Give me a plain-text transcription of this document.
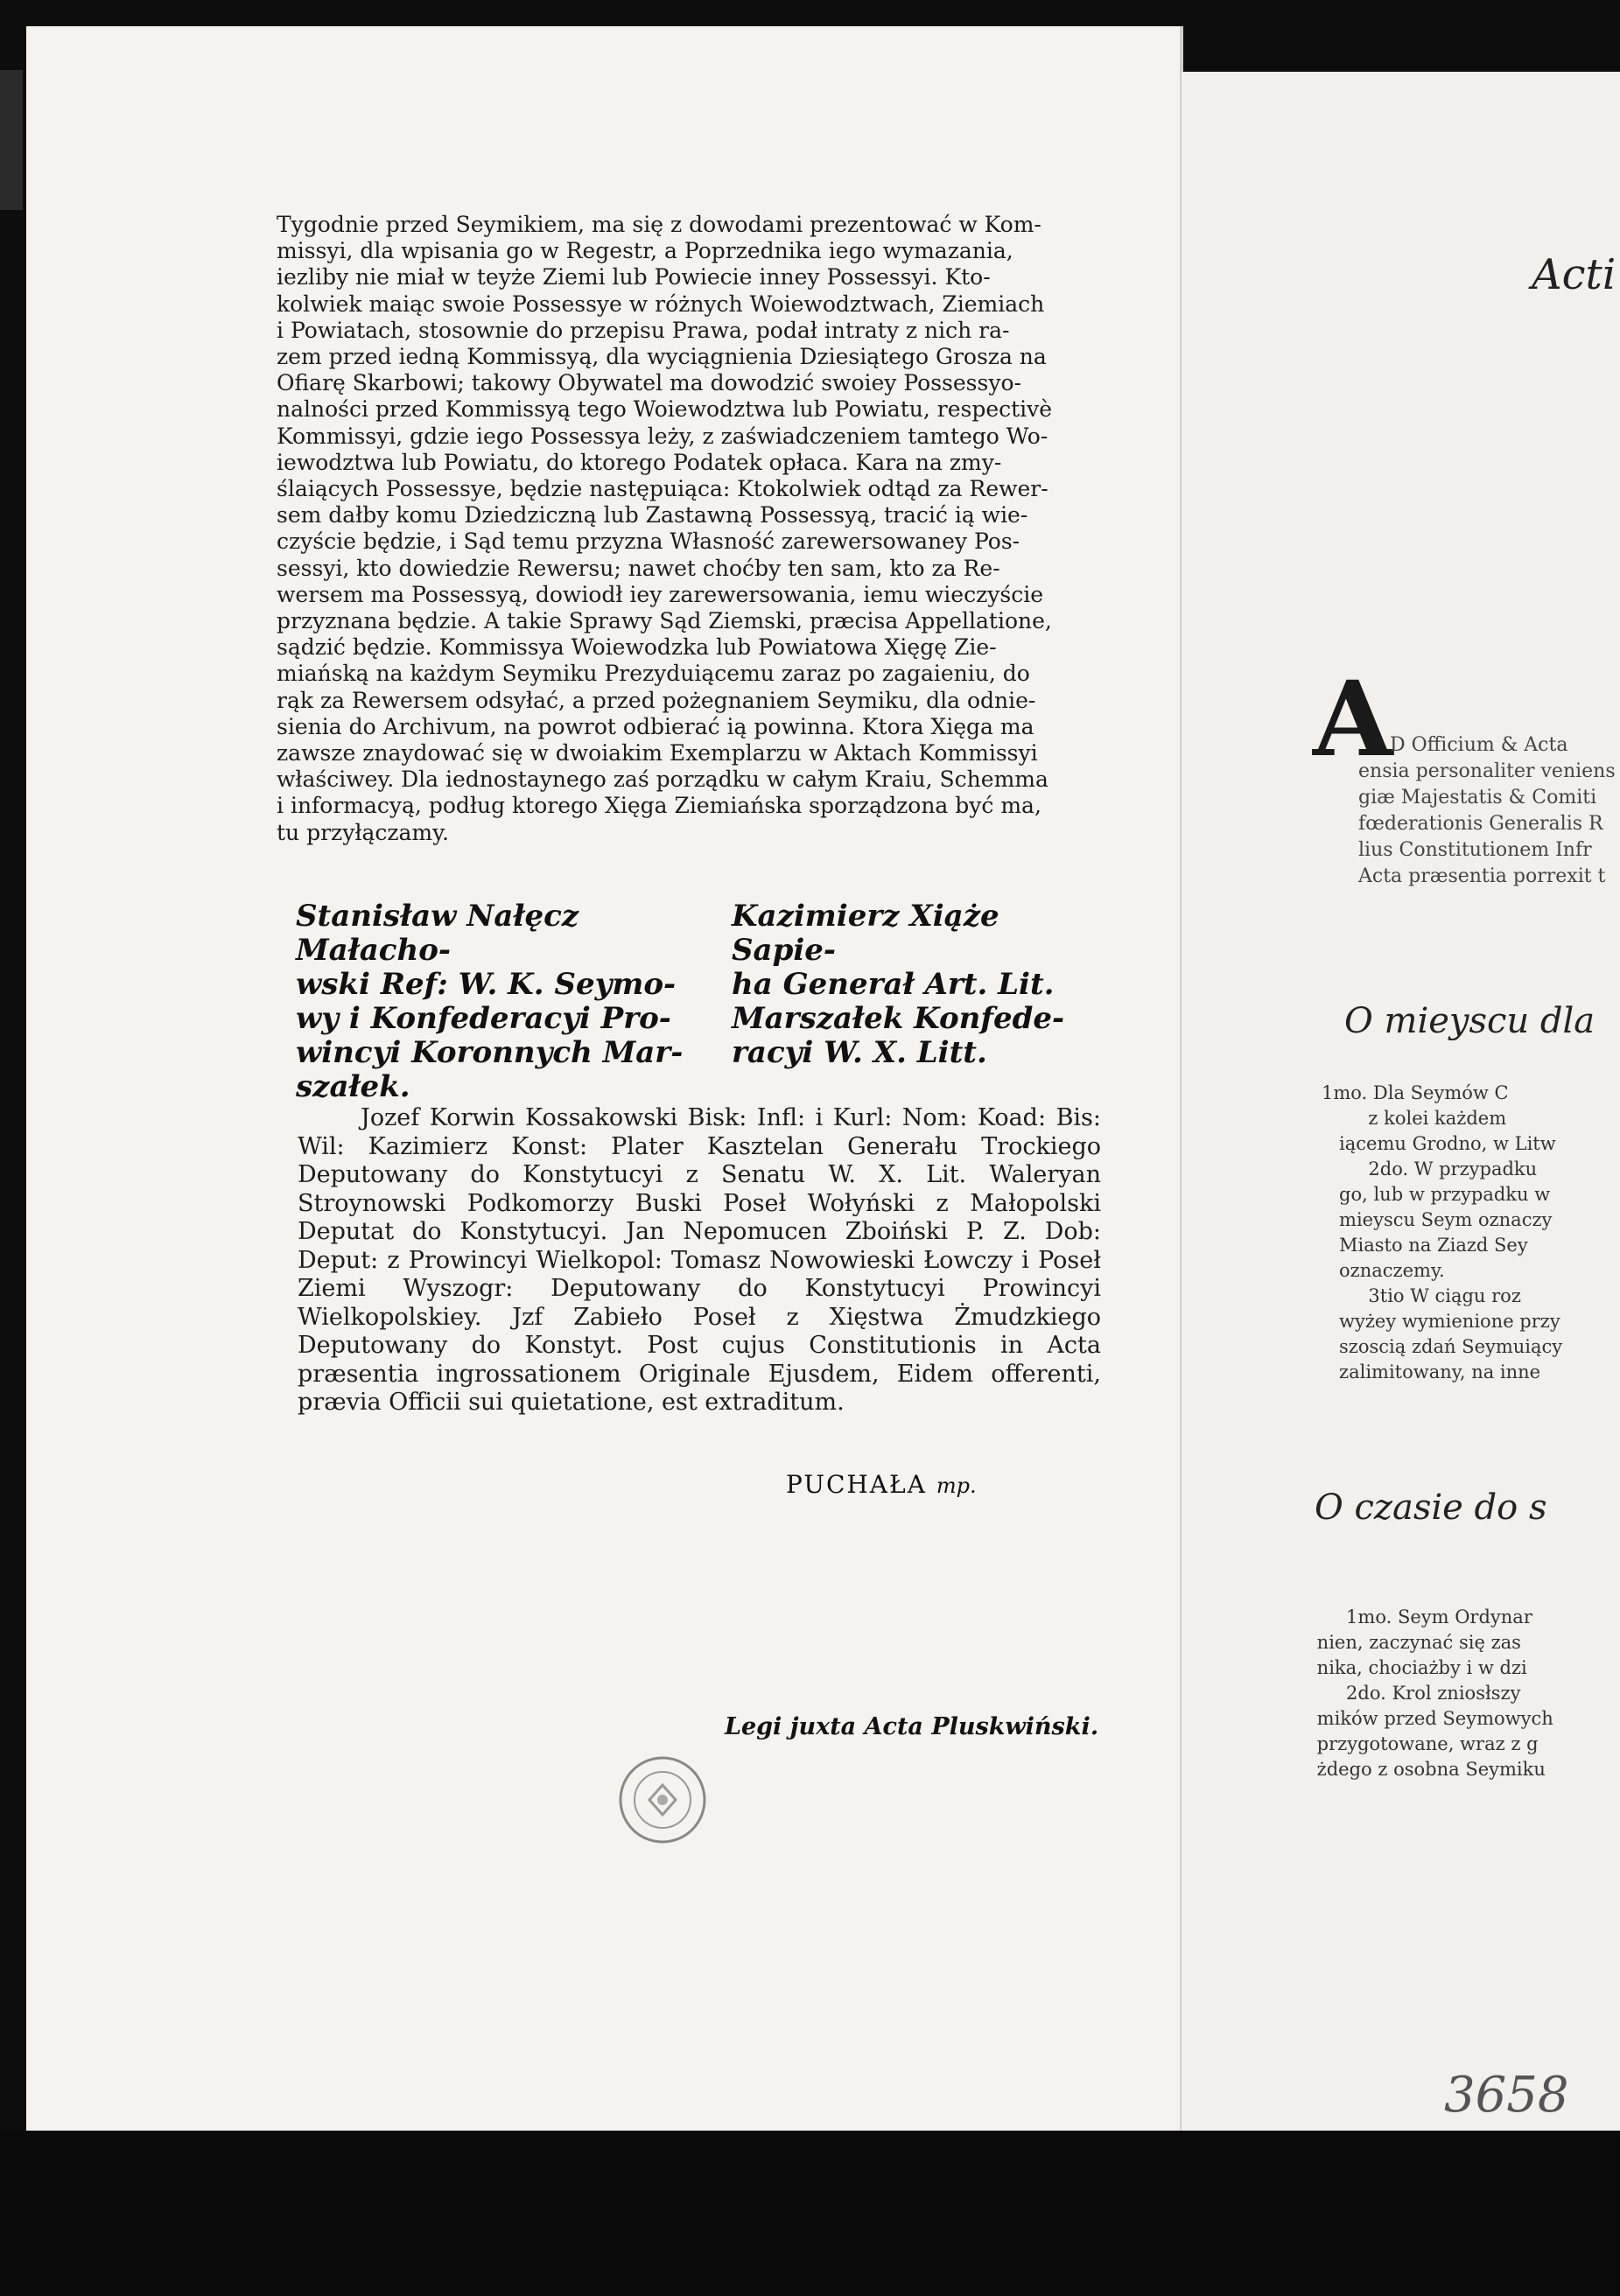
Tygodnie przed Seymikiem, ma się z dowodami prezentować w Kom-
missyi, dla wpisania go w Regestr, a Poprzednika iego wymazania,
iezliby nie miał w teyże Ziemi lub Powiecie inney Possessyi. Kto-
kolwiek maiąc swoie Possessye w różnych Woiewodztwach, Ziemiach
i Powiatach, stosownie do przepisu Prawa, podał intraty z nich ra-
zem przed iedną Kommissyą, dla wyciągnienia Dziesiątego Grosza na
Ofiarę Skarbowi; takowy Obywatel ma dowodzić swoiey Possessyo-
nalności przed Kommissyą tego Woiewodztwa lub Powiatu, respectivè
Kommissyi, gdzie iego Possessya leży, z zaświadczeniem tamtego Wo-
iewodztwa lub Powiatu, do ktorego Podatek opłaca. Kara na zmy-
ślaiących Possessye, będzie następuiąca: Ktokolwiek odtąd za Rewer-
sem dałby komu Dziedziczną lub Zastawną Possessyą, tracić ią wie-
czyście będzie, i Sąd temu przyzna Własność zarewersowaney Pos-
sessyi, kto dowiedzie Rewersu; nawet choćby ten sam, kto za Re-
wersem ma Possessyą, dowiodł iey zarewersowania, iemu wieczyście
przyznana będzie. A takie Sprawy Sąd Ziemski, præcisa Appellatione,
sądzić będzie. Kommissya Woiewodzka lub Powiatowa Xięgę Zie-
miańską na każdym Seymiku Prezyduiącemu zaraz po zagaieniu, do
rąk za Rewersem odsyłać, a przed pożegnaniem Seymiku, dla odnie-
sienia do Archivum, na powrot odbierać ią powinna. Ktora Xięga ma
zawsze znaydować się w dwoiakim Exemplarzu w Aktach Kommissyi
właściwey. Dla iednostaynego zaś porządku w całym Kraiu, Schemma
i informacyą, podług ktorego Xięga Ziemiańska sporządzona być ma,
tu przyłączamy.
Stanisław Nałęcz Małacho-
wski Ref: W. K. Seymo-
wy i Konfederacyi Pro-
wincyi Koronnych Mar-
szałek.
Kazimierz Xiąże Sapie-
ha Generał Art. Lit.
Marszałek Konfede-
racyi W. X. Litt.

Jozef Korwin Kossakowski Bisk: Infl: i Kurl: Nom: Koad: Bis: Wil: Kazimierz Konst: Plater Kasztelan Generału Trockiego Deputowany do Konstytucyi z Senatu W. X. Lit. Waleryan Stroynowski Podkomorzy Buski Poseł Wołyński z Małopolski Deputat do Konstytucyi. Jan Nepomucen Zboiński P. Z. Dob: Deput: z Prowincyi Wielkopol: Tomasz Nowowieski Łowczy i Poseł Ziemi Wyszogr: Deputowany do Konstytucyi Prowincyi Wielkopolskiey. Jzf Zabieło Poseł z Xięstwa Żmudzkiego Deputowany do Konstyt. Post cujus Constitutionis in Acta præsentia ingrossationem Originale Ejusdem, Eidem offerenti, prævia Officii sui quietatione, est extraditum.

PUCHAŁA mp.
Legi juxta Acta Pluskwiński.
Acti
A
D Officium & Acta
ensia personaliter veniens
giæ Majestatis & Comiti
fœderationis Generalis R
lius Constitutionem Infr
Acta præsentia porrexit t
O mieyscu dla
1mo. Dla Seymów C
z kolei każdem
iącemu Grodno, w Litw
2do. W przypadku
go, lub w przypadku w
mieyscu Seym oznaczy
Miasto na Ziazd Sey
oznaczemy.
3tio W ciągu roz
wyżey wymienione przy
szoscią zdań Seymuiący
zalimitowany, na inne
O czasie do s
1mo. Seym Ordynar
nien, zaczynać się zas
nika, chociażby i w dzi
2do. Krol zniosłszy
mików przed Seymowych
przygotowane, wraz z g
żdego z osobna Seymiku
3658
